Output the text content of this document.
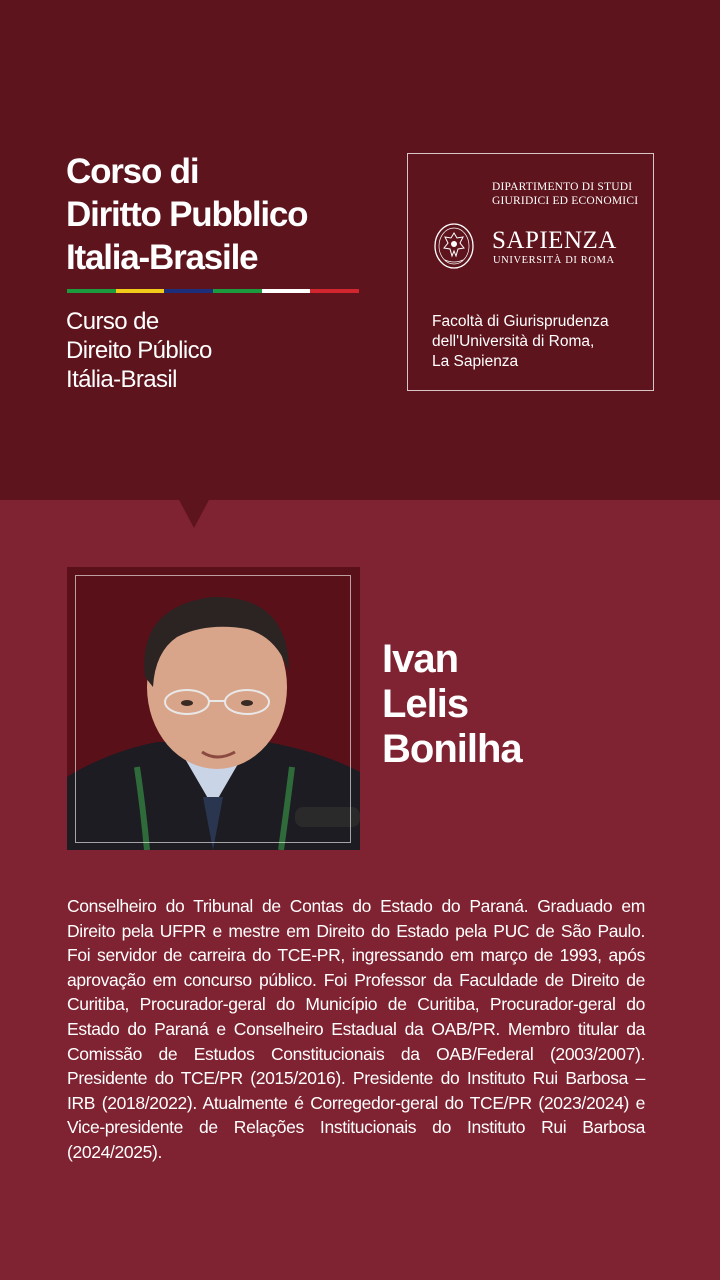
Corso di
Diritto Pubblico
Italia-Brasile
Curso de
Direito Público
Itália-Brasil
DIPARTIMENTO DI STUDI
GIURIDICI ED ECONOMICI
SAPIENZA
UNIVERSITÀ DI ROMA
Facoltà di Giurisprudenza
dell'Università di Roma,
La Sapienza
Ivan
Lelis
Bonilha

Conselheiro do Tribunal de Contas do Estado do Paraná. Graduado em Direito pela UFPR e mestre em Direito do Estado pela PUC de São Paulo. Foi servidor de carreira do TCE-PR, ingressando em março de 1993, após aprovação em concurso público. Foi Professor da Faculdade de Direito de Curitiba, Procurador-geral do Município de Curitiba, Procurador-geral do Estado do Paraná e Conselheiro Estadual da OAB/PR. Membro titular da Comissão de Estudos Constitucionais da OAB/Federal (2003/2007). Presidente do TCE/PR (2015/2016). Presidente do Instituto Rui Barbosa – IRB (2018/2022). Atualmente é Corregedor-geral do TCE/PR (2023/2024) e Vice-presidente de Relações Institucionais do Instituto Rui Barbosa (2024/2025).
